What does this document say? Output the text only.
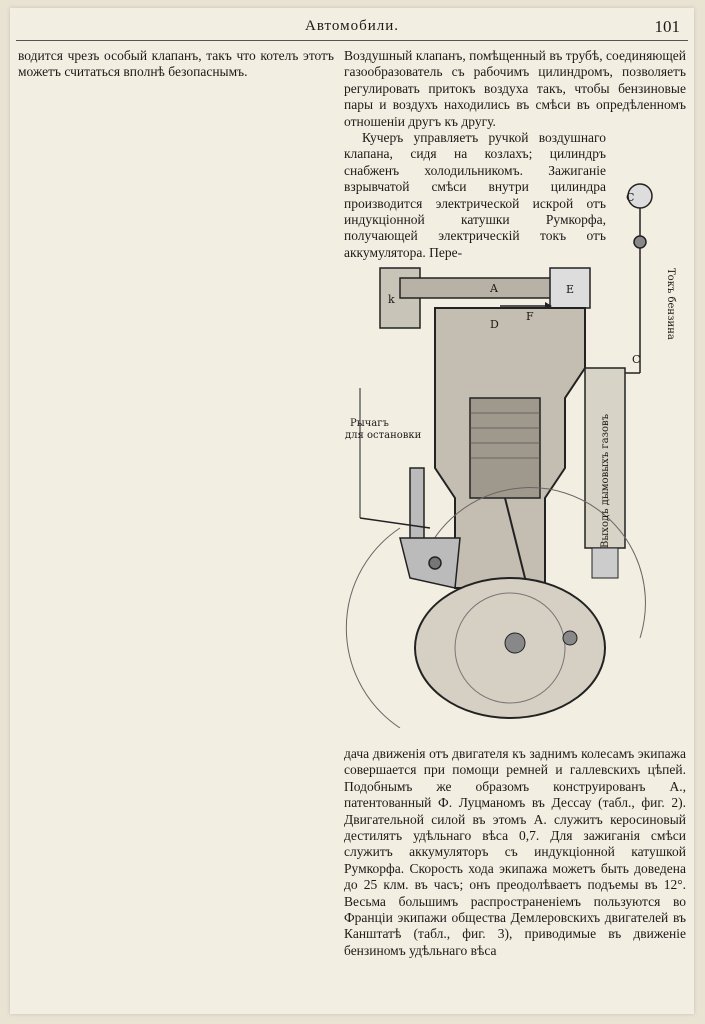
Автомобили.	101

водится чрезъ особый клапанъ, такъ что котелъ этотъ можетъ считаться вполнѣ безопаснымъ.

Воздушный клапанъ, помѣщенный въ трубѣ, соединяющей газообразователь съ рабочимъ цилиндромъ, позволяетъ регулировать притокъ воздуха такъ, чтобы бензиновые пары и воздухъ находились въ смѣси въ опредѣленномъ отношеніи другъ къ другу.

Кучеръ управляетъ ручкой воздушнаго клапана, сидя на козлахъ; цилиндръ снабженъ холодильникомъ. Зажиганіе взрывчатой смѣси внутри цилиндра производится электрической искрой отъ индукціонной катушки Румкорфа, получающей электрическій токъ отъ аккумулятора. Пере-

Рычагъ
для остановки
A
C
C
F
E
k
D	Токъ бензина
Выходъ дымовыхъ газовъ

дача движенія отъ двигателя къ заднимъ колесамъ экипажа совершается при помощи ремней и галлевскихъ цѣпей. Подобнымъ же образомъ конструированъ А., патентованный Ф. Луцманомъ въ Дессау (табл., фиг. 2). Двигательной силой въ этомъ А. служитъ керосиновый дестилятъ удѣльнаго вѣса 0,7. Для зажиганія смѣси служитъ аккумуляторъ съ индукціонной катушкой Румкорфа. Скорость хода экипажа можетъ быть доведена до 25 клм. въ часъ; онъ преодолѣваетъ подъемы въ 12°. Весьма большимъ распространеніемъ пользуются во Франціи экипажи общества Демлеровскихъ двигателей въ Канштатѣ (табл., фиг. 3), приводимые въ движеніе бензиномъ удѣльнаго вѣса
